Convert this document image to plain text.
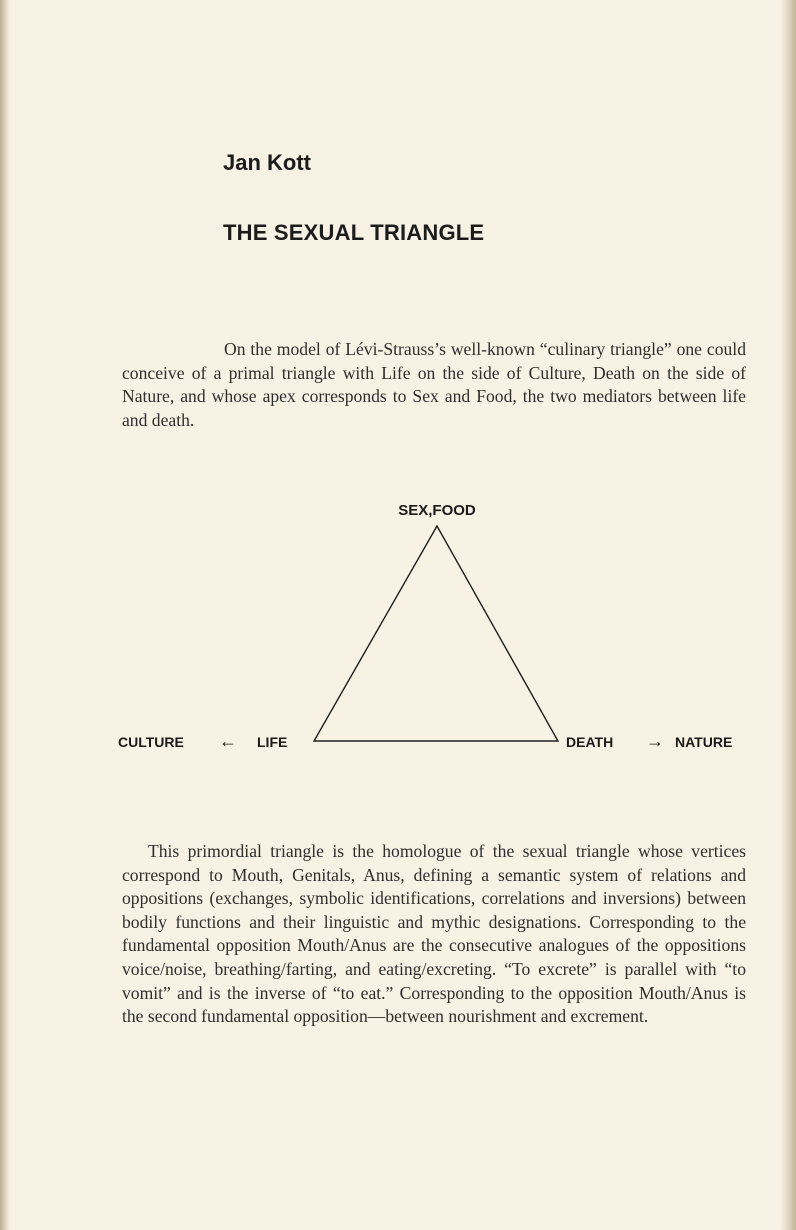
Jan Kott
THE SEXUAL TRIANGLE

On the model of Lévi-Strauss’s well-known “culinary triangle” one could conceive of a primal triangle with Life on the side of Culture, Death on the side of Nature, and whose apex corresponds to Sex and Food, the two mediators between life and death.

SEX,FOOD
CULTURE ← LIFE	DEATH → NATURE

This primordial triangle is the homologue of the sexual triangle whose vertices correspond to Mouth, Genitals, Anus, defining a semantic system of relations and oppositions (exchanges, symbolic identifications, correlations and inversions) between bodily functions and their linguistic and mythic designations. Corresponding to the fundamental opposition Mouth/Anus are the consecutive analogues of the oppositions voice/noise, breathing/farting, and eating/excreting. “To excrete” is parallel with “to vomit” and is the inverse of “to eat.” Corresponding to the opposition Mouth/Anus is the second fundamental opposition—between nourishment and excrement.
